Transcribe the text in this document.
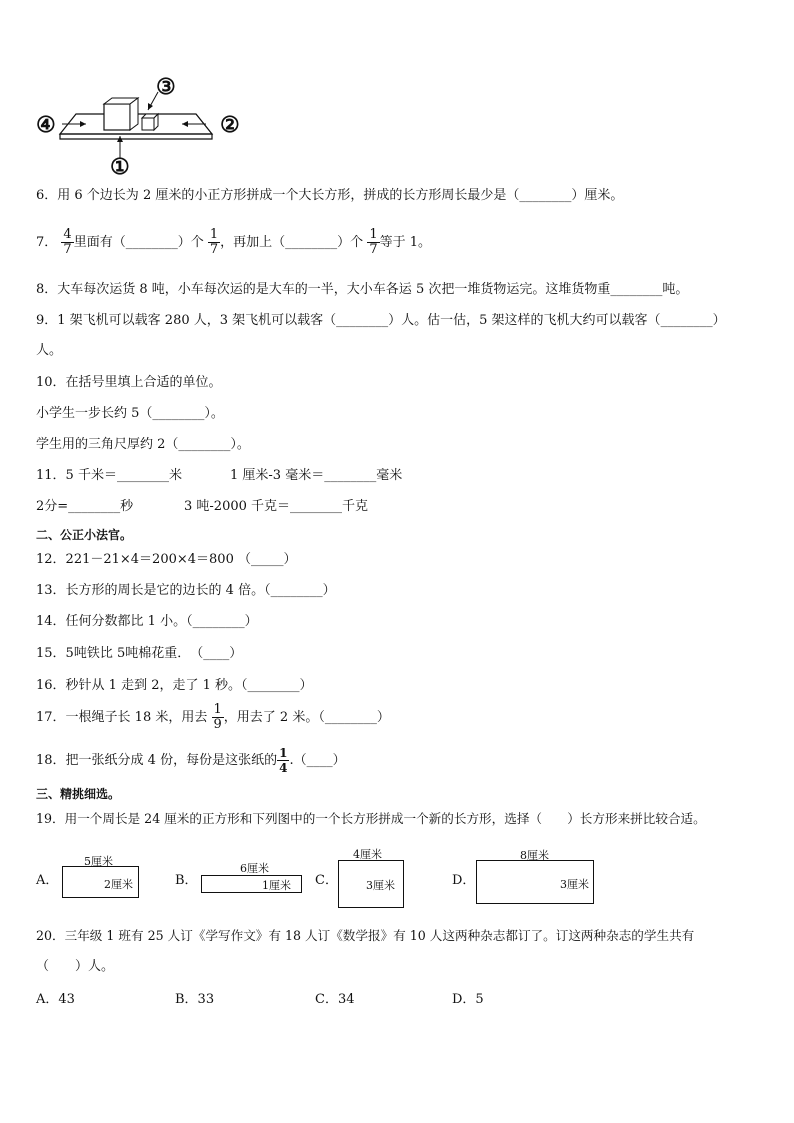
④	②
③
①
6．用 6 个边长为 2 厘米的小正方形拼成一个大长方形，拼成的长方形周长最少是（________）厘米。
7． $\frac{4}{7}$ 里面有（________）个 $\frac{1}{7}$ ，再加上（________）个 $\frac{1}{7}$ 等于 1。
8．大车每次运货 8 吨，小车每次运的是大车的一半，大小车各运 5 次把一堆货物运完。这堆货物重________吨。
9．1 架飞机可以载客 280 人，3 架飞机可以载客（________）人。估一估，5 架这样的飞机大约可以载客（________）
人。
10．在括号里填上合适的单位。
小学生一步长约 5（________）。
学生用的三角尺厚约 2（________）。
11．5 千米＝________米	1 厘米-3 毫米＝________毫米
2分=________秒	3 吨-2000 千克＝________千克
二、公正小法官。
12．221－21×4＝200×4＝800 （_____）
13．长方形的周长是它的边长的 4 倍。（________）
14．任何分数都比 1 小。（________）
15．5吨铁比 5吨棉花重．　（____）
16．秒针从 1 走到 2，走了 1 秒。（________）
17．一根绳子长 18 米，用去 $\frac{1}{9}$ ，用去了 2 米。（________）
18．把一张纸分成 4 份，每份是这张纸的 $\frac{1}{4}$ .（____）
三、精挑细选。
19．用一个周长是 24 厘米的正方形和下列图中的一个长方形拼成一个新的长方形，选择（　　）长方形来拼比较合适。
A．
5厘米
2厘米	B．
6厘米
1厘米 C．
4厘米
3厘米	D．
8厘米
3厘米
20．三年级 1 班有 25 人订《学写作文》有 18 人订《数学报》有 10 人这两种杂志都订了。订这两种杂志的学生共有
（　　）人。
A．43	B．33	C．34	D．5
